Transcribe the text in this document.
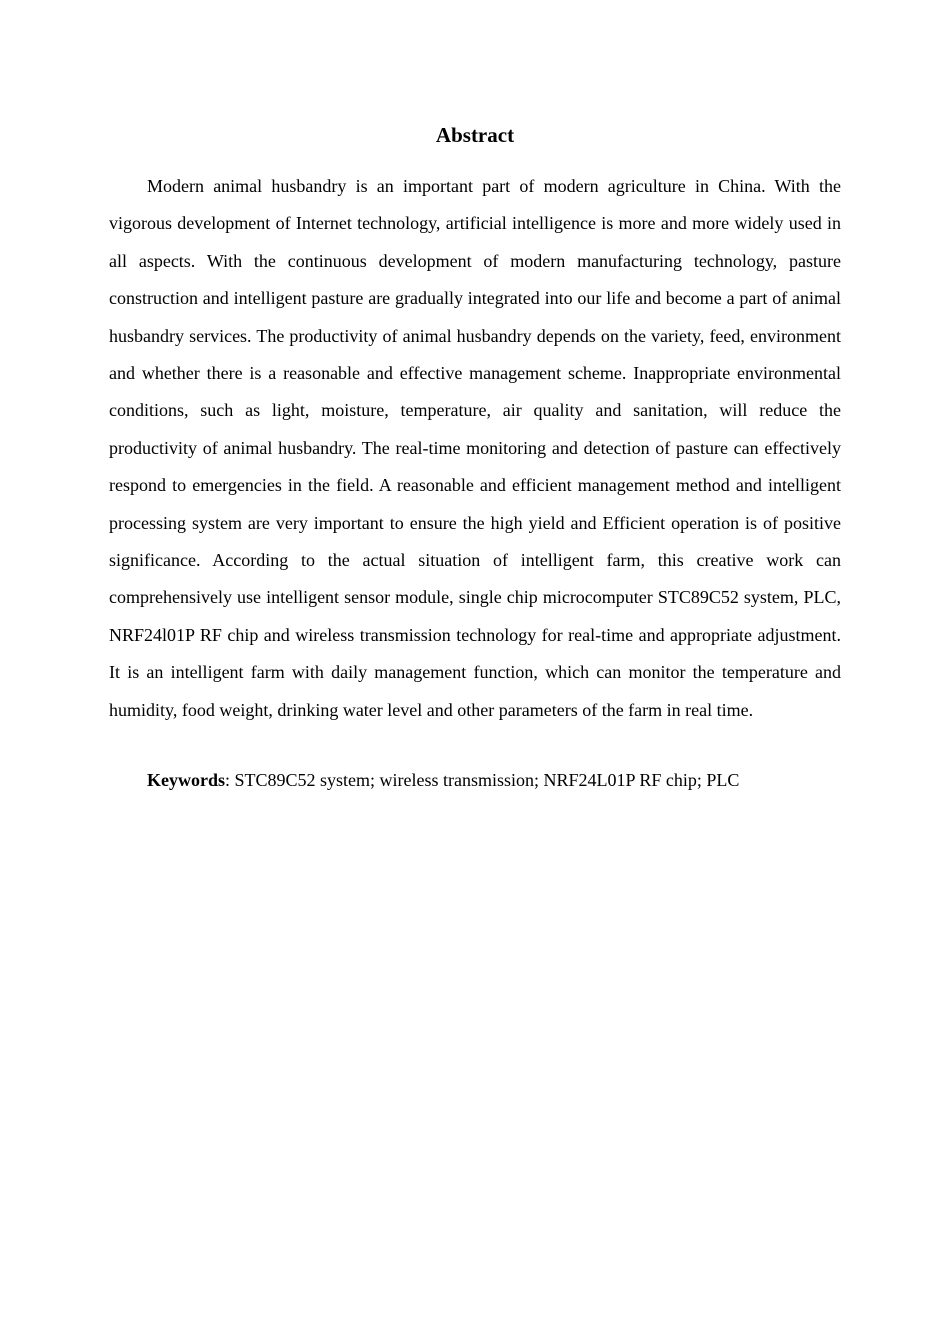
Abstract

Modern animal husbandry is an important part of modern agriculture in China. With the vigorous development of Internet technology, artificial intelligence is more and more widely used in all aspects. With the continuous development of modern manufacturing technology, pasture construction and intelligent pasture are gradually integrated into our life and become a part of animal husbandry services. The productivity of animal husbandry depends on the variety, feed, environment and whether there is a reasonable and effective management scheme. Inappropriate environmental conditions, such as light, moisture, temperature, air quality and sanitation, will reduce the productivity of animal husbandry. The real-time monitoring and detection of pasture can effectively respond to emergencies in the field. A reasonable and efficient management method and intelligent processing system are very important to ensure the high yield and Efficient operation is of positive significance. According to the actual situation of intelligent farm, this creative work can comprehensively use intelligent sensor module, single chip microcomputer STC89C52 system, PLC, NRF24l01P RF chip and wireless transmission technology for real-time and appropriate adjustment. It is an intelligent farm with daily management function, which can monitor the temperature and humidity, food weight, drinking water level and other parameters of the farm in real time.

Keywords: STC89C52 system; wireless transmission; NRF24L01P RF chip; PLC
